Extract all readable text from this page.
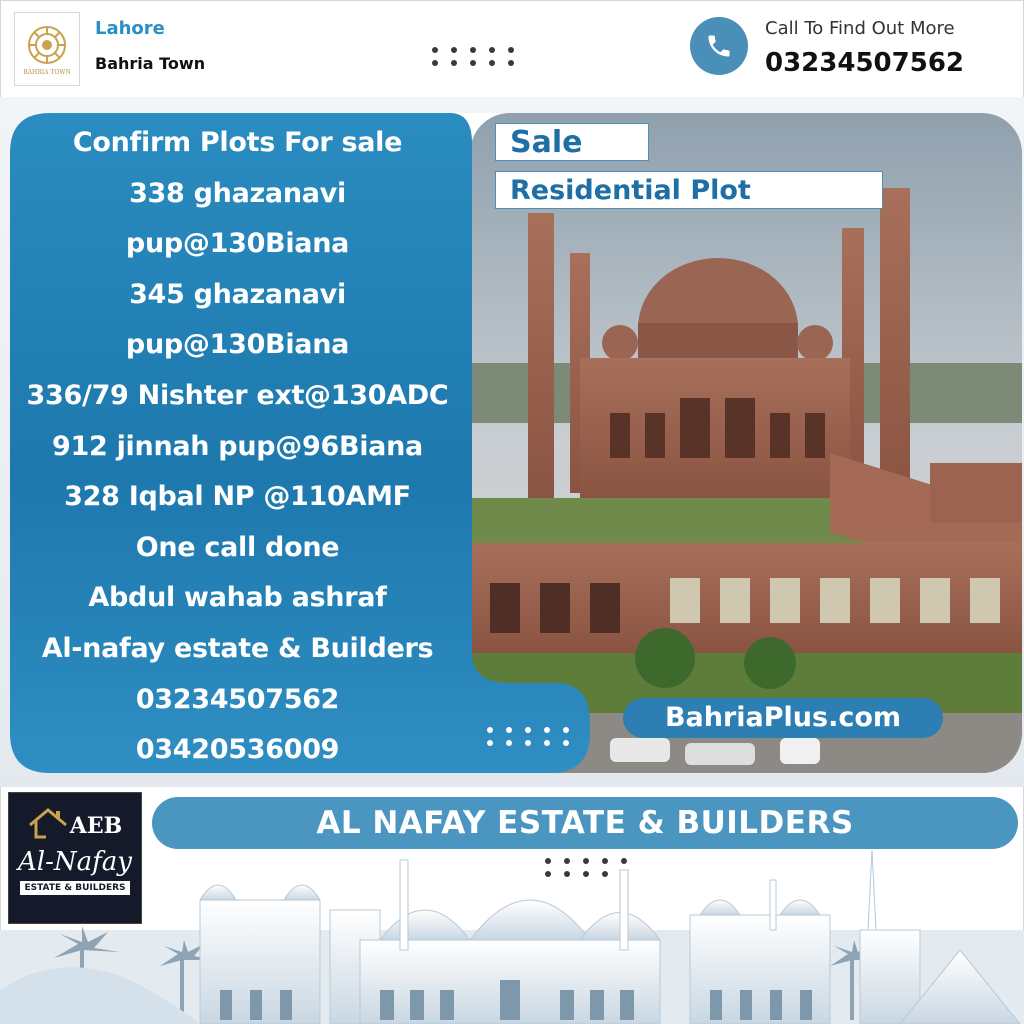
BAHRIA TOWN
Lahore
Bahria Town
Call To Find Out More
03234507562
Confirm Plots For sale
338 ghazanavi
pup@130Biana
345 ghazanavi
pup@130Biana
336/79 Nishter ext@130ADC
912 jinnah pup@96Biana
328 Iqbal NP @110AMF
One call done
Abdul wahab ashraf
Al-nafay estate & Builders
03234507562
03420536009
Sale
Residential Plot
BahriaPlus.com
AEB
Al-Nafay
ESTATE & BUILDERS
AL NAFAY ESTATE & BUILDERS
